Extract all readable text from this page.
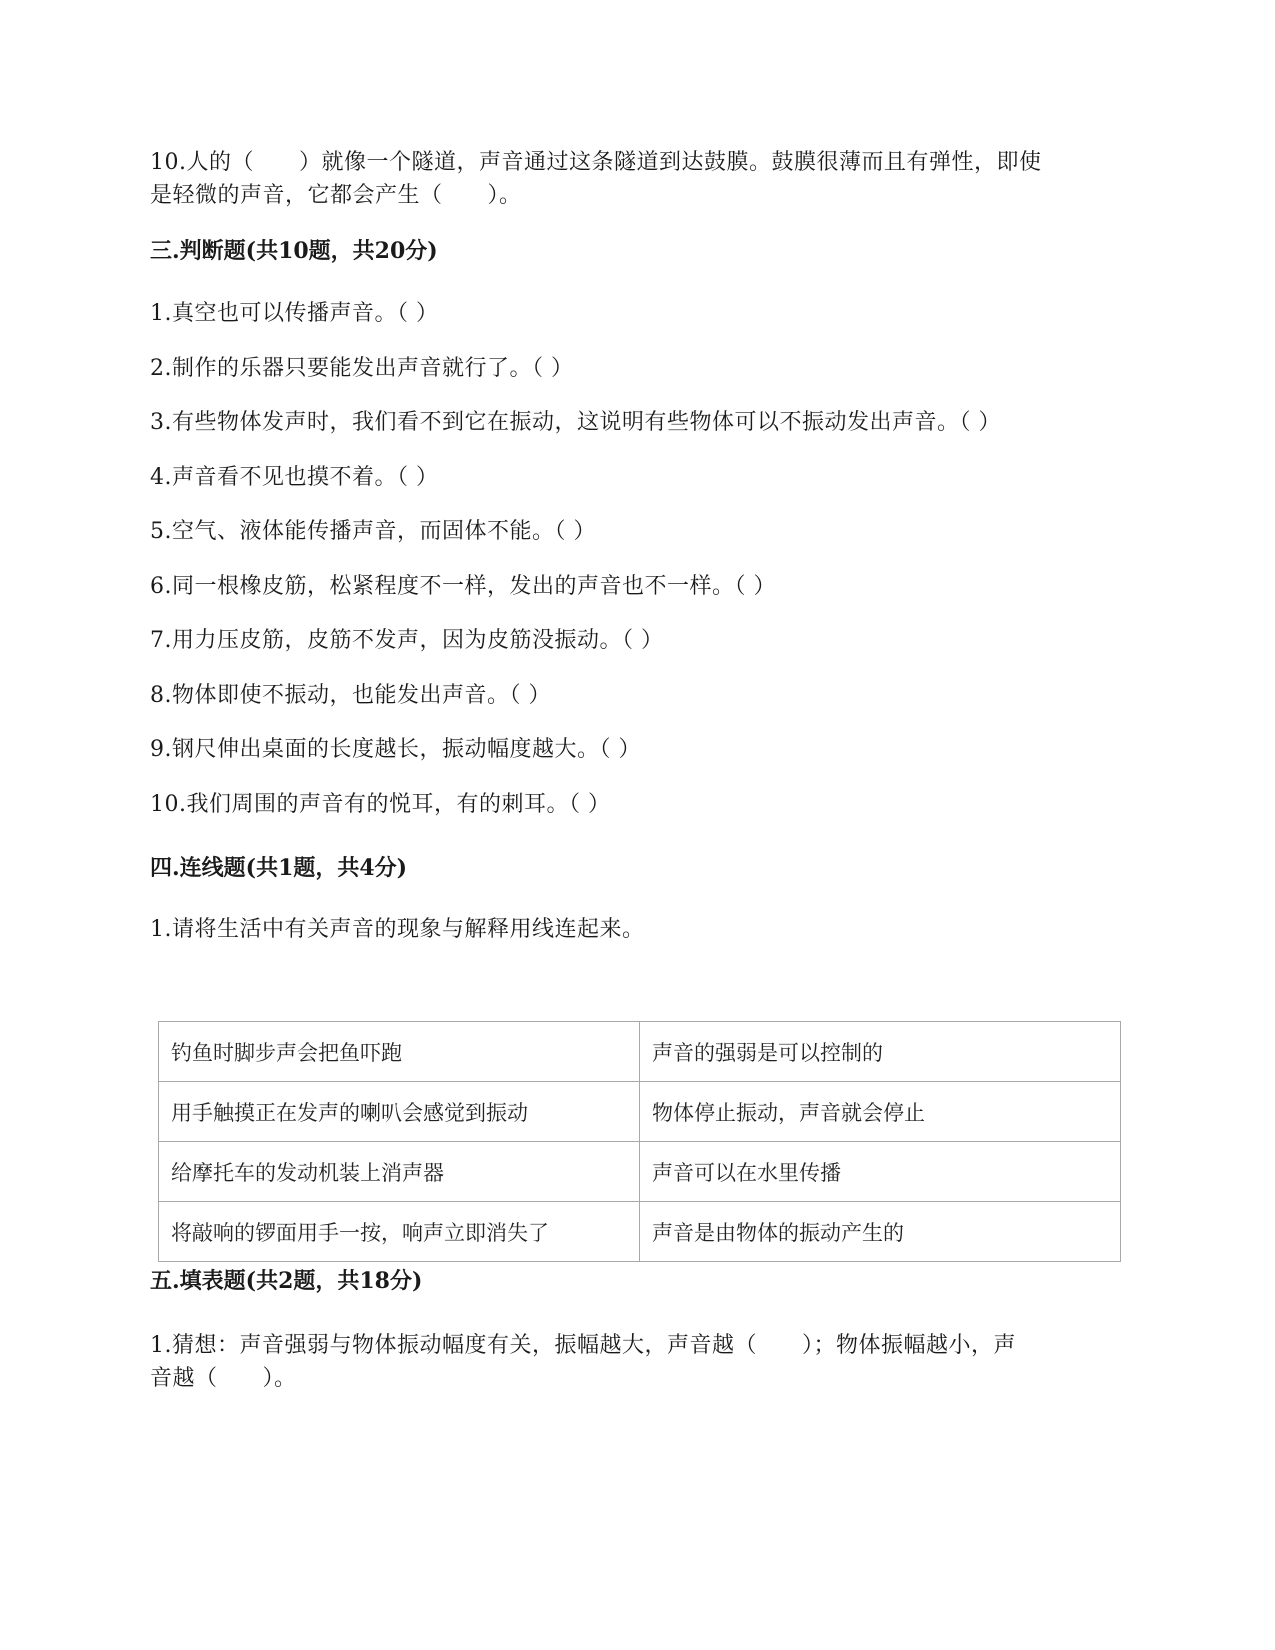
10.人的（　　）就像一个隧道，声音通过这条隧道到达鼓膜。鼓膜很薄而且有弹性，即使
是轻微的声音，它都会产生（　　）。
三.判断题(共10题，共20分)
1.真空也可以传播声音。（ ）
2.制作的乐器只要能发出声音就行了。（ ）
3.有些物体发声时，我们看不到它在振动，这说明有些物体可以不振动发出声音。（ ）
4.声音看不见也摸不着。（ ）
5.空气、液体能传播声音，而固体不能。（ ）
6.同一根橡皮筋，松紧程度不一样，发出的声音也不一样。（ ）
7.用力压皮筋，皮筋不发声，因为皮筋没振动。（ ）
8.物体即使不振动，也能发出声音。（ ）
9.钢尺伸出桌面的长度越长，振动幅度越大。（ ）
10.我们周围的声音有的悦耳，有的刺耳。（ ）
四.连线题(共1题，共4分)
1.请将生活中有关声音的现象与解释用线连起来。
钓鱼时脚步声会把鱼吓跑	声音的强弱是可以控制的
用手触摸正在发声的喇叭会感觉到振动	物体停止振动，声音就会停止
给摩托车的发动机装上消声器	声音可以在水里传播
将敲响的锣面用手一按，响声立即消失了	声音是由物体的振动产生的
五.填表题(共2题，共18分)
1.猜想：声音强弱与物体振动幅度有关，振幅越大，声音越（　　）；物体振幅越小，声
音越（　　）。
